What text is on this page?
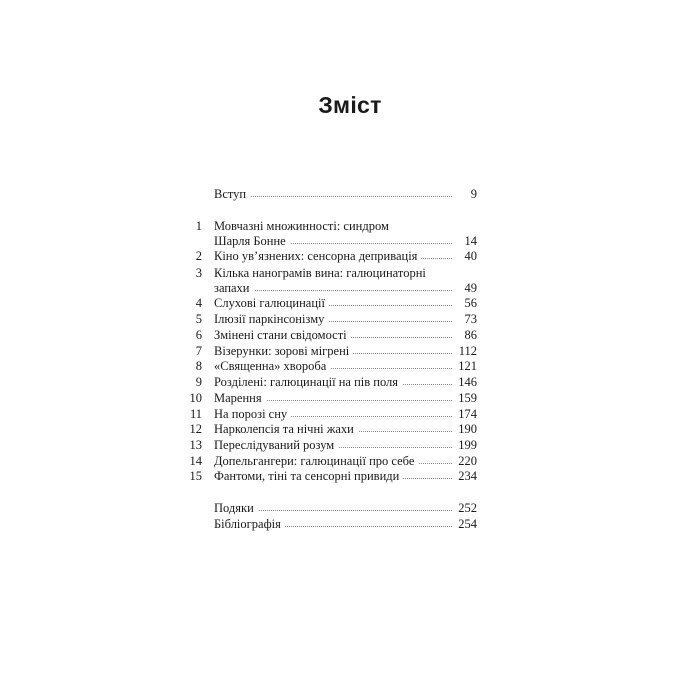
Зміст
Вступ	9
1 Мовчазні множинності: синдром
Шарля Бонне	14
2 Кіно ув’язнених: сенсорна депривація	40
3 Кілька нанограмів вина: галюцинаторні
запахи	49
4 Слухові галюцинації	56
5 Ілюзії паркінсонізму	73
6 Змінені стани свідомості	86
7 Візерунки: зорові мігрені	112
8 «Священна» хвороба	121
9 Розділені: галюцинації на пів поля	146
10 Марення	159
11 На порозі сну	174
12 Нарколепсія та нічні жахи	190
13 Переслідуваний розум	199
14 Допельгангери: галюцинації про себе	220
15 Фантоми, тіні та сенсорні привиди	234
Подяки	252
Бібліографія	254
